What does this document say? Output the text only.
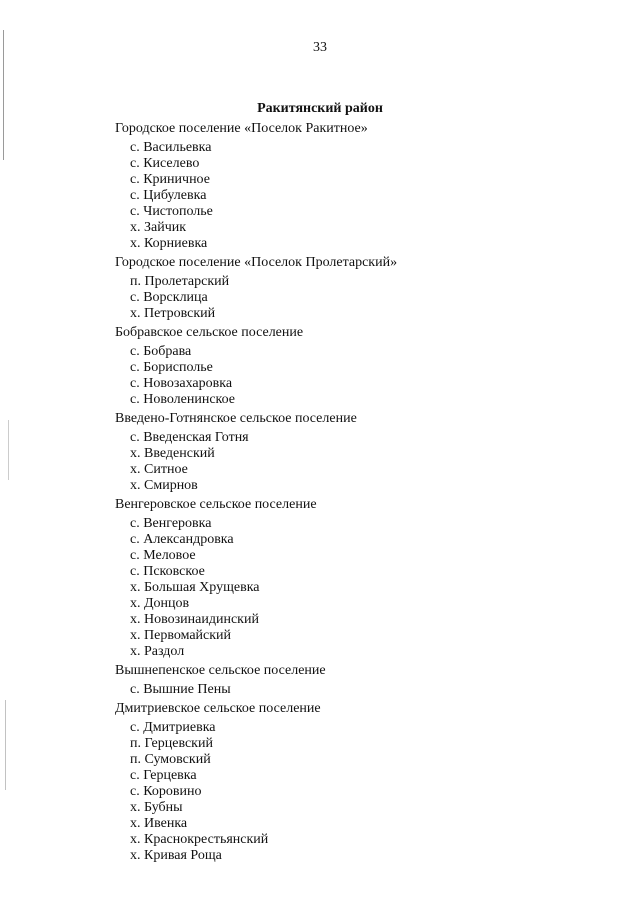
33
Ракитянский район
Городское поселение «Поселок Ракитное»
с. Васильевка
с. Киселево
с. Криничное
с. Цибулевка
с. Чистополье
х. Зайчик
х. Корниевка
Городское поселение «Поселок Пролетарский»
п. Пролетарский
с. Ворсклица
х. Петровский
Бобравское сельское поселение
с. Бобрава
с. Борисполье
с. Новозахаровка
с. Новоленинское
Введено-Готнянское сельское поселение
с. Введенская Готня
х. Введенский
х. Ситное
х. Смирнов
Венгеровское сельское поселение
с. Венгеровка
с. Александровка
с. Меловое
с. Псковское
х. Большая Хрущевка
х. Донцов
х. Новозинаидинский
х. Первомайский
х. Раздол
Вышнепенское сельское поселение
с. Вышние Пены
Дмитриевское сельское поселение
с. Дмитриевка
п. Герцевский
п. Сумовский
с. Герцевка
с. Коровино
х. Бубны
х. Ивенка
х. Краснокрестьянский
х. Кривая Роща
